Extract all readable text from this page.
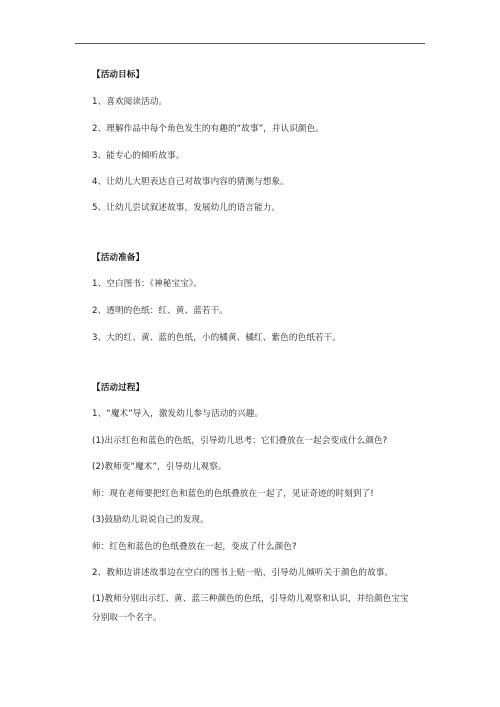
【活动目标】
1、喜欢阅读活动。
2、理解作品中每个角色发生的有趣的“故事”，并认识颜色。
3、能专心的倾听故事。
4、让幼儿大胆表达自己对故事内容的猜测与想象。
5、让幼儿尝试叙述故事，发展幼儿的语言能力。
【活动准备】
1、空白图书：《神秘宝宝》。
2、透明的色纸：红、黄、蓝若干。
3、大的红、黄、蓝的色纸，小的橘黄、橘红、紫色的色纸若干。
【活动过程】
1、“魔术”导入，激发幼儿参与活动的兴趣。
(1)出示红色和蓝色的色纸，引导幼儿思考：它们叠放在一起会变成什么颜色?
(2)教师变“魔术”，引导幼儿观察。
师：现在老师要把红色和蓝色的色纸叠放在一起了，见证奇迹的时刻到了!
(3)鼓励幼儿说说自己的发现。
师：红色和蓝色的色纸叠放在一起，变成了什么颜色?
2、教师边讲述故事边在空白的图书上贴一贴，引导幼儿倾听关于颜色的故事。
(1)教师分别出示红、黄、蓝三种颜色的色纸，引导幼儿观察和认识，并给颜色宝宝分别取一个名字。
